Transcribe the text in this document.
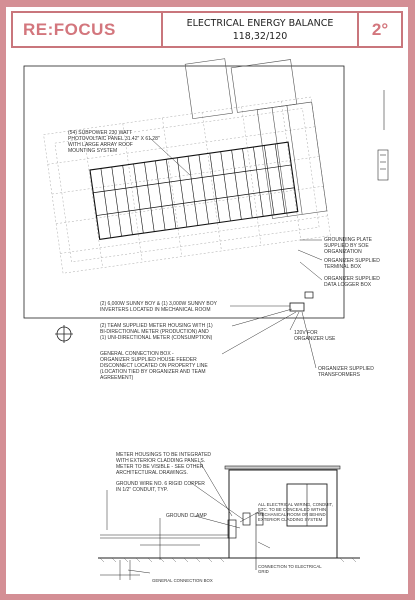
RE:FOCUS	ELECTRICAL ENERGY BALANCE
118,32/120	2°
(54) SUBPOWER 230 WATT
PHOTOVOLTAIC PANEL 31.42" X 61.28"
WITH LARGE ARRAY ROOF
MOUNTING SYSTEM
GROUNDING PLATE
SUPPLIED BY SOE
ORGANIZATION
ORGANIZER SUPPLIED
TERMINAL BOX
ORGANIZER SUPPLIED
DATA LOGGER BOX
(2) 6,000W SUNNY BOY & (1) 3,000W SUNNY BOY
INVERTERS LOCATED IN MECHANICAL ROOM
(2) TEAM SUPPLIED METER HOUSING WITH (1)
BI-DIRECTIONAL METER (PRODUCTION) AND
(1) UNI-DIRECTIONAL METER (CONSUMPTION)
GENERAL CONNECTION BOX -
ORGANIZER SUPPLIED HOUSE FEEDER
DISCONNECT LOCATED ON PROPERTY LINE
(LOCATION TIED BY ORGANIZER AND TEAM
AGREEMENT)
120V FOR
ORGANIZER USE
ORGANIZER SUPPLIED
TRANSFORMERS
METER HOUSINGS TO BE INTEGRATED
WITH EXTERIOR CLADDING PANELS.
METER TO BE VISIBLE - SEE OTHER
ARCHITECTURAL DRAWINGS.
GROUND WIRE NO. 6 RIGID COPPER
IN 1/2" CONDUIT, TYP.
GROUND CLAMP
ALL ELECTRICAL WIRING, CONDUIT,
ETC. TO BE CONCEALED WITHIN
MECHANICAL ROOM OR BEHIND
EXTERIOR CLADDING SYSTEM
CONNECTION TO ELECTRICAL
GRID
GENERAL CONNECTION BOX
